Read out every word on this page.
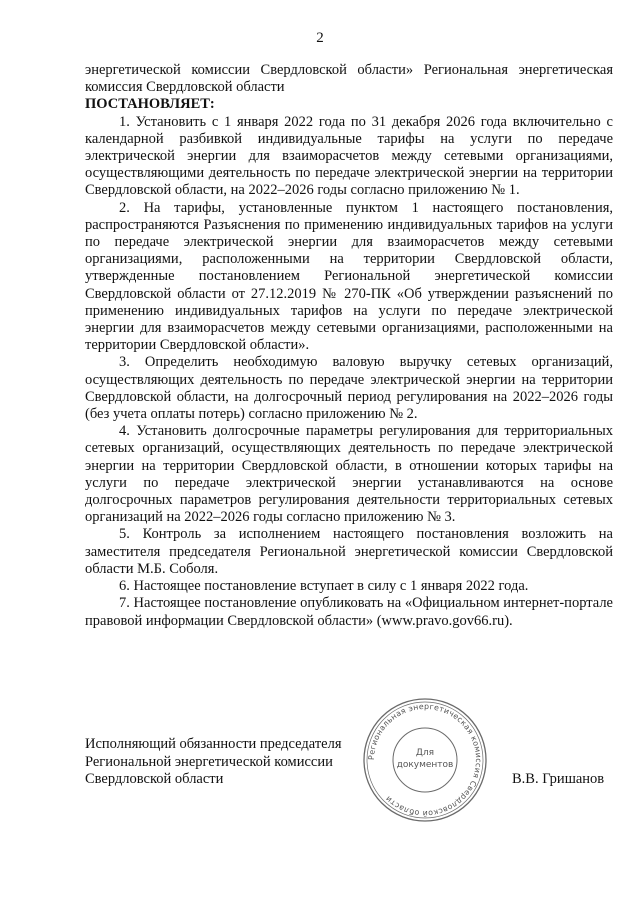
2

энергетической комиссии Свердловской области» Региональная энергетическая комиссия Свердловской области

ПОСТАНОВЛЯЕТ:

1. Установить с 1 января 2022 года по 31 декабря 2026 года включительно с календарной разбивкой индивидуальные тарифы на услуги по передаче электрической энергии для взаиморасчетов между сетевыми организациями, осуществляющими деятельность по передаче электрической энергии на территории Свердловской области, на 2022–2026 годы согласно приложению № 1.

2. На тарифы, установленные пунктом 1 настоящего постановления, распространяются Разъяснения по применению индивидуальных тарифов на услуги по передаче электрической энергии для взаиморасчетов между сетевыми организациями, расположенными на территории Свердловской области, утвержденные постановлением Региональной энергетической комиссии Свердловской области от 27.12.2019 № 270-ПК «Об утверждении разъяснений по применению индивидуальных тарифов на услуги по передаче электрической энергии для взаиморасчетов между сетевыми организациями, расположенными на территории Свердловской области».

3. Определить необходимую валовую выручку сетевых организаций, осуществляющих деятельность по передаче электрической энергии на территории Свердловской области, на долгосрочный период регулирования на 2022–2026 годы (без учета оплаты потерь) согласно приложению № 2.

4. Установить долгосрочные параметры регулирования для территориальных сетевых организаций, осуществляющих деятельность по передаче электрической энергии на территории Свердловской области, в отношении которых тарифы на услуги по передаче электрической энергии устанавливаются на основе долгосрочных параметров регулирования деятельности территориальных сетевых организаций на 2022–2026 годы согласно приложению № 3.

5. Контроль за исполнением настоящего постановления возложить на заместителя председателя Региональной энергетической комиссии Свердловской области М.Б. Соболя.

6. Настоящее постановление вступает в силу с 1 января 2022 года.

7. Настоящее постановление опубликовать на «Официальном интернет-портале правовой информации Свердловской области» (www.pravo.gov66.ru).

Исполняющий обязанности председателя
Региональной энергетической комиссии
Свердловской области	В.В. Гришанов
Региональная энергетическая комиссия Свердловской области
Для
документов
